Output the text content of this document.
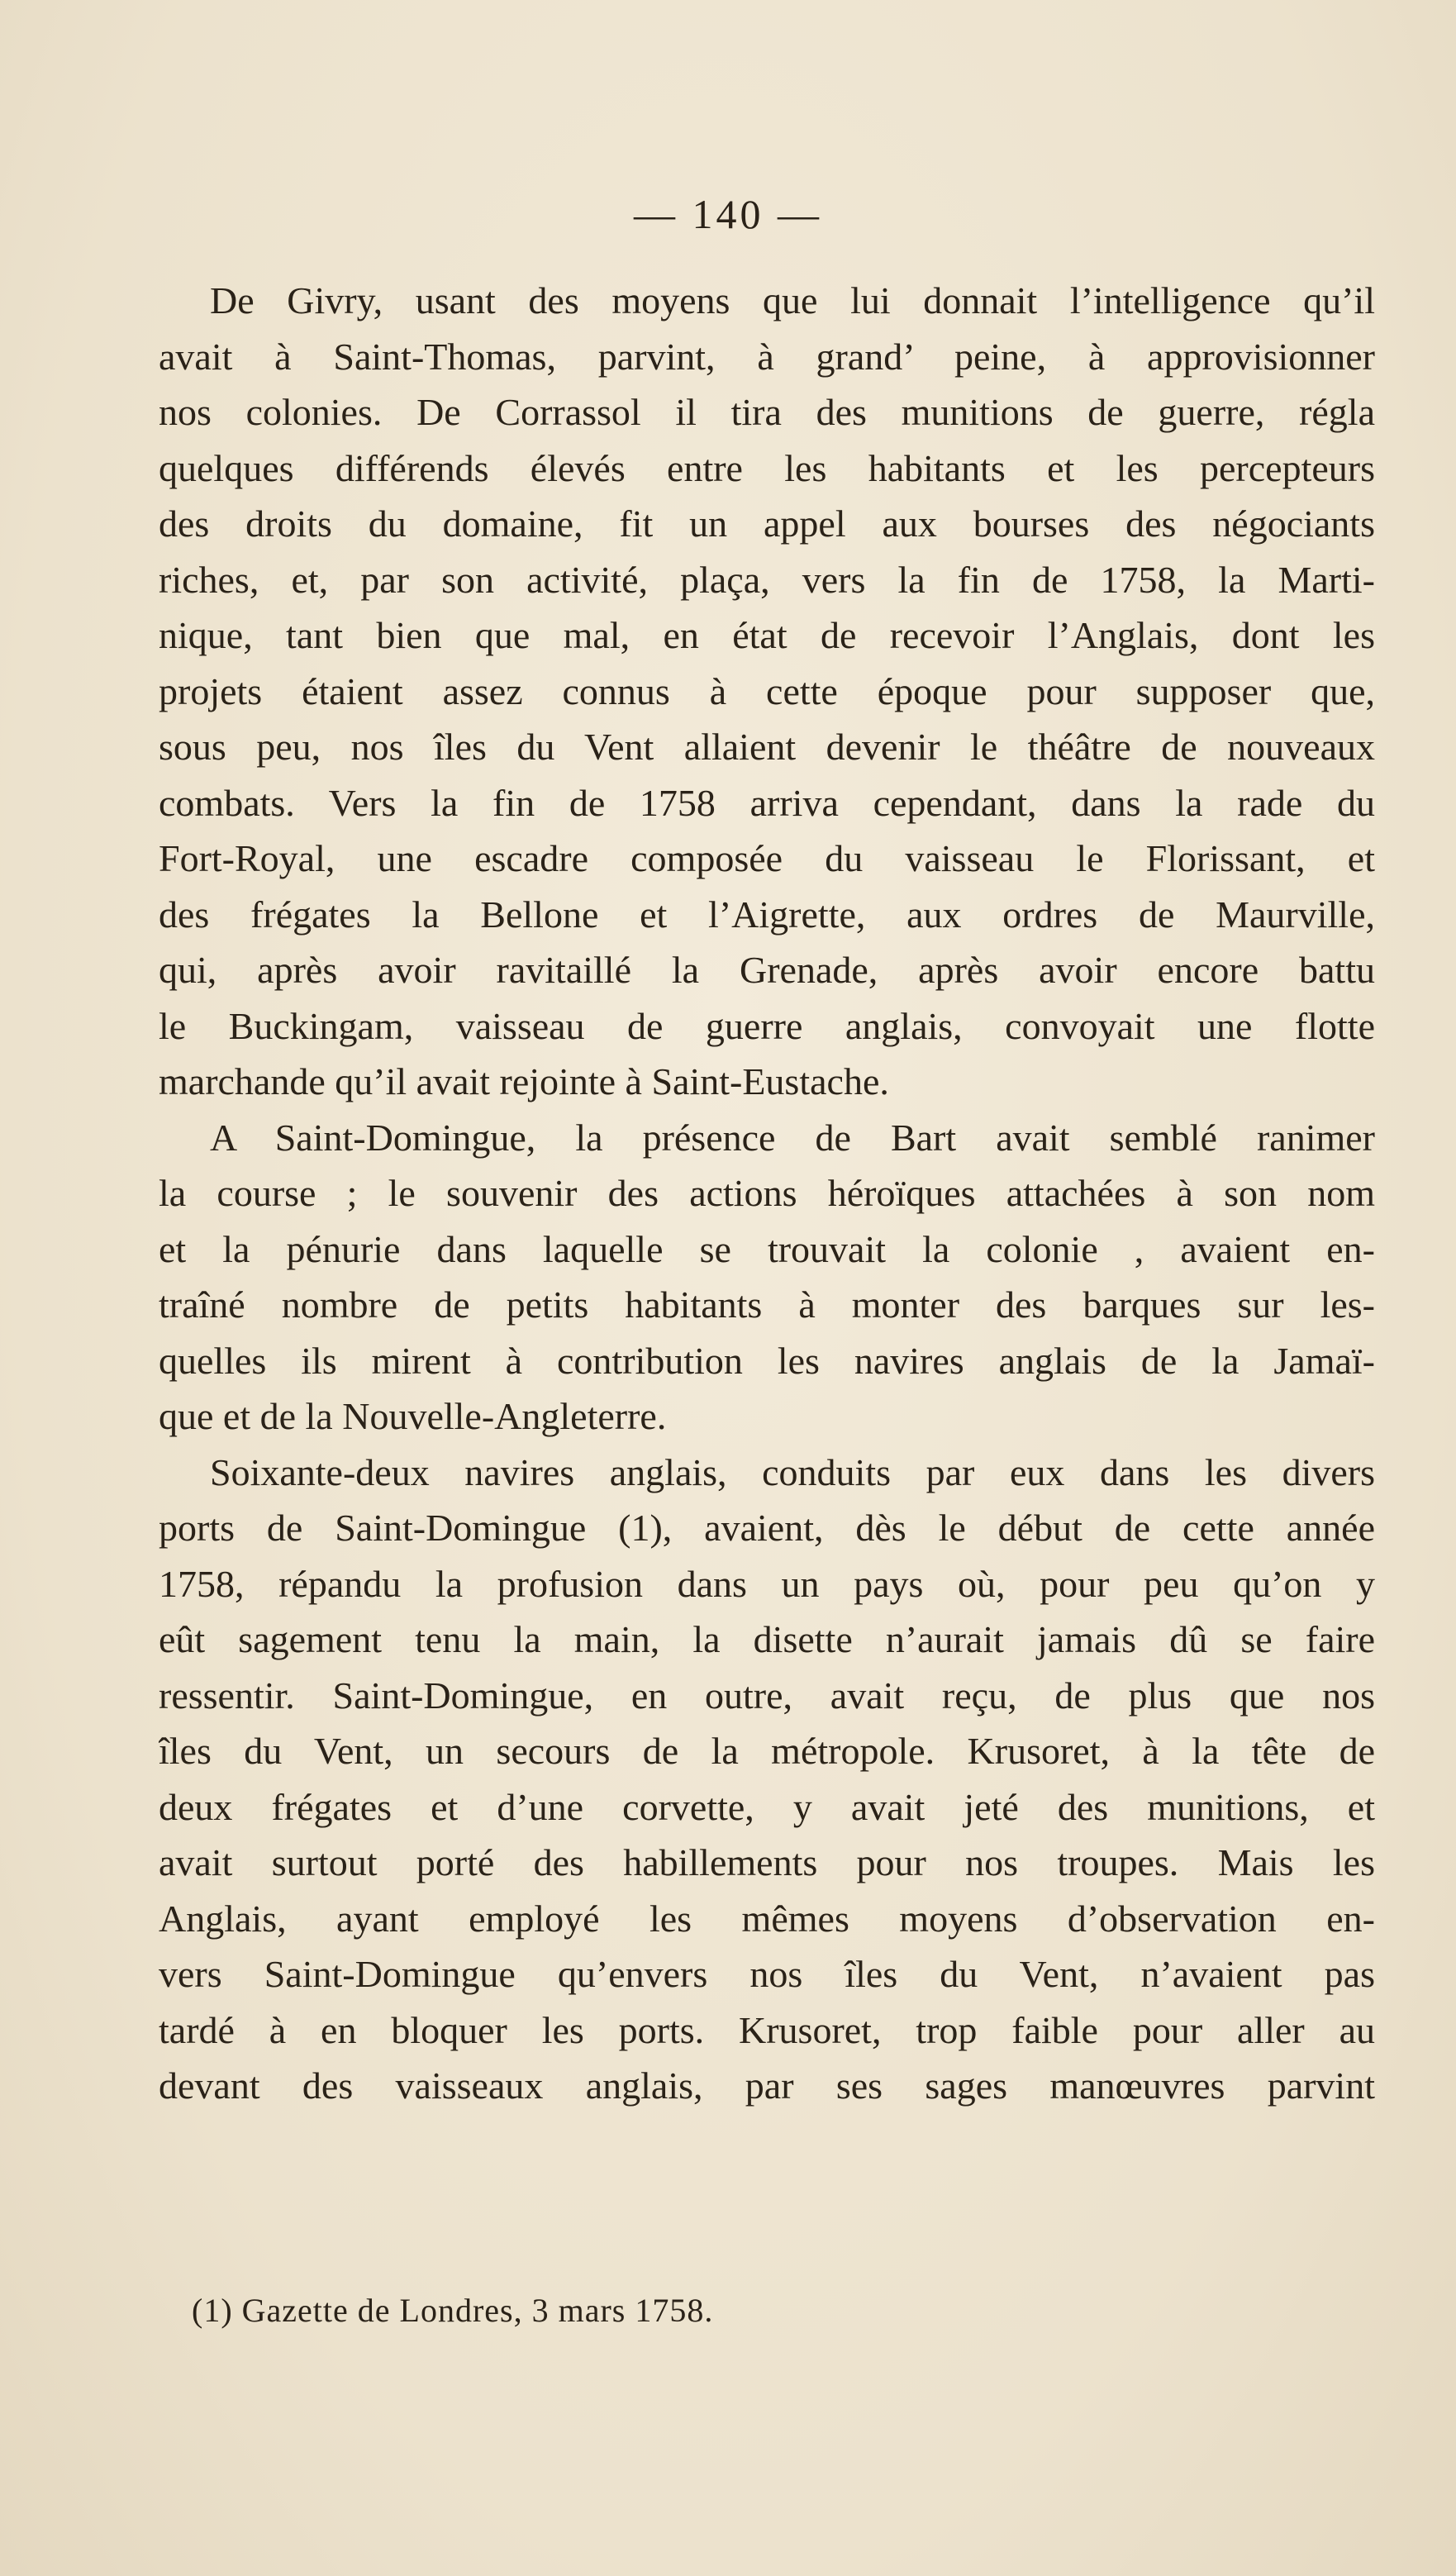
— 140 —
De Givry, usant des moyens que lui donnait l’intelligence qu’il
avait à Saint-Thomas, parvint, à grand’ peine, à approvisionner
nos colonies. De Corrassol il tira des munitions de guerre, régla
quelques différends élevés entre les habitants et les percepteurs
des droits du domaine, fit un appel aux bourses des négociants
riches, et, par son activité, plaça, vers la fin de 1758, la Marti-
nique, tant bien que mal, en état de recevoir l’Anglais, dont les
projets étaient assez connus à cette époque pour supposer que,
sous peu, nos îles du Vent allaient devenir le théâtre de nouveaux
combats. Vers la fin de 1758 arriva cependant, dans la rade du
Fort-Royal, une escadre composée du vaisseau le Florissant, et
des frégates la Bellone et l’Aigrette, aux ordres de Maurville,
qui, après avoir ravitaillé la Grenade, après avoir encore battu
le Buckingam, vaisseau de guerre anglais, convoyait une flotte
marchande qu’il avait rejointe à Saint-Eustache.
A Saint-Domingue, la présence de Bart avait semblé ranimer
la course ; le souvenir des actions héroïques attachées à son nom
et la pénurie dans laquelle se trouvait la colonie , avaient en-
traîné nombre de petits habitants à monter des barques sur les-
quelles ils mirent à contribution les navires anglais de la Jamaï-
que et de la Nouvelle-Angleterre.
Soixante-deux navires anglais, conduits par eux dans les divers
ports de Saint-Domingue (1), avaient, dès le début de cette année
1758, répandu la profusion dans un pays où, pour peu qu’on y
eût sagement tenu la main, la disette n’aurait jamais dû se faire
ressentir. Saint-Domingue, en outre, avait reçu, de plus que nos
îles du Vent, un secours de la métropole. Krusoret, à la tête de
deux frégates et d’une corvette, y avait jeté des munitions, et
avait surtout porté des habillements pour nos troupes. Mais les
Anglais, ayant employé les mêmes moyens d’observation en-
vers Saint-Domingue qu’envers nos îles du Vent, n’avaient pas
tardé à en bloquer les ports. Krusoret, trop faible pour aller au
devant des vaisseaux anglais, par ses sages manœuvres parvint
(1) Gazette de Londres, 3 mars 1758.
